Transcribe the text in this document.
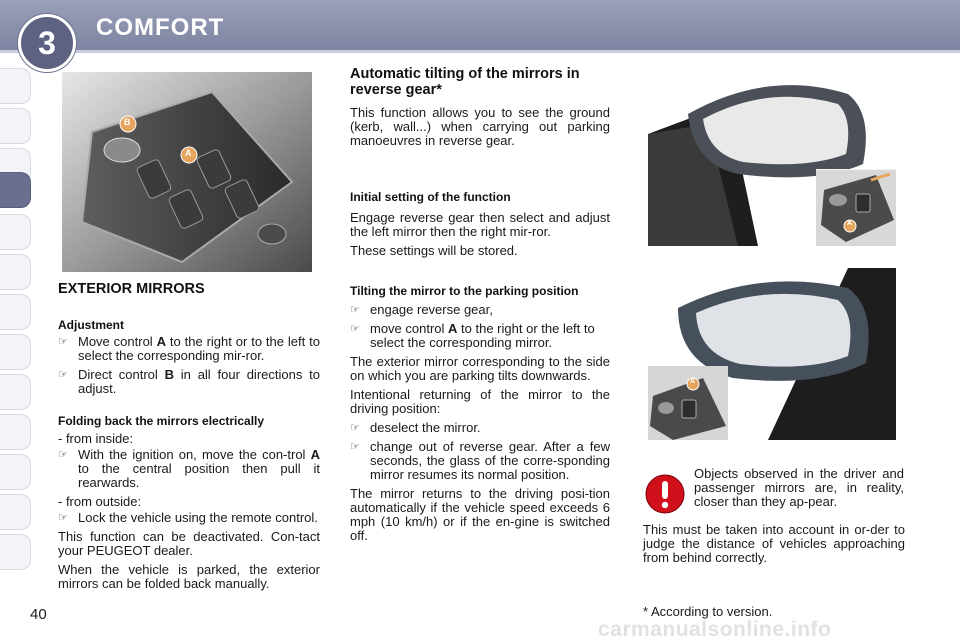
3	COMFORT
B
A

EXTERIOR MIRRORS

Adjustment

☞ Move control A to the right or to the left to select the corresponding mir-ror.
☞ Direct control B in all four directions to adjust.

Folding back the mirrors electrically

- from inside:

☞ With the ignition on, move the con-trol A to the central position then pull it rearwards.

- from outside:

☞ Lock the vehicle using the remote control.

This function can be deactivated. Con-tact your PEUGEOT dealer.

When the vehicle is parked, the exterior mirrors can be folded back manually.

Automatic tilting of the mirrors in reverse gear*

This function allows you to see the ground (kerb, wall...) when carrying out parking manoeuvres in reverse gear.

Initial setting of the function

Engage reverse gear then select and adjust the left mirror then the right mir-ror.

These settings will be stored.

Tilting the mirror to the parking position

☞ engage reverse gear,
☞ move control A to the right or the left to select the corresponding mirror.

The exterior mirror corresponding to the side on which you are parking tilts downwards.

Intentional returning of the mirror to the driving position:

☞ deselect the mirror.
☞ change out of reverse gear. After a few seconds, the glass of the corre-sponding mirror resumes its normal position.

The mirror returns to the driving posi-tion automatically if the vehicle speed exceeds 6 mph (10 km/h) or if the en-gine is switched off.

A
A
Objects observed in the driver and passenger mirrors are, in reality, closer than they ap-pear.
This must be taken into account in or-der to judge the distance of vehicles approaching from behind correctly.
40	* According to version.
carmanualsonline.info
